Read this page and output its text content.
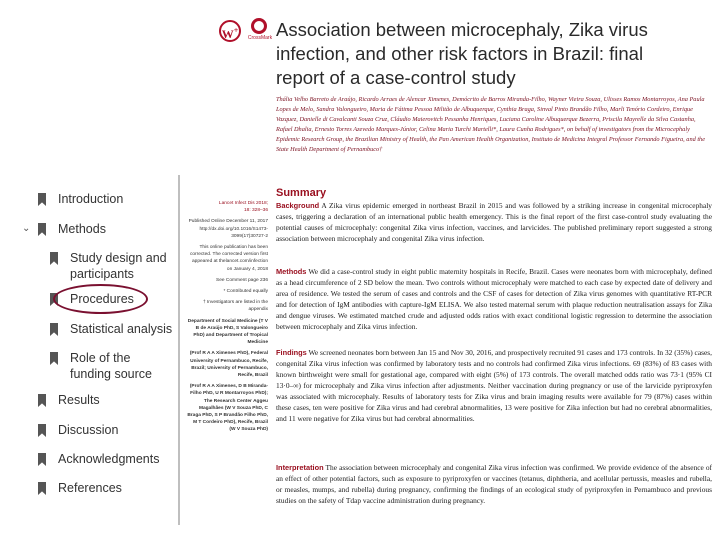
W+
CrossMark Association between microcephaly, Zika virus infection, and other risk factors in Brazil: final report of a case-control study
Thália Velho Barreto de Araújo, Ricardo Arraes de Alencar Ximenes, Demócrito de Barros Miranda-Filho, Wayner Vieira Souza, Ulisses Ramos Montarroyos, Ana Paula Lopes de Melo, Sandra Valongueiro, Maria de Fátima Pessoa Militão de Albuquerque, Cynthia Braga, Sinval Pinto Brandão Filho, Marli Tenório Cordeiro, Enrique Vazquez, Danielle di Cavalcanti Souza Cruz, Cláudio Maierovitch Pessanha Henriques, Luciana Caroline Albuquerque Bezerra, Priscila Mayrelle da Silva Castanha, Rafael Dhalia, Ernesto Torres Azevedo Marques-Júnior, Celina Maria Turchi Martelli*, Laura Cunha Rodrigues*, on behalf of investigators from the Microcephaly Epidemic Research Group, the Brazilian Ministry of Health, the Pan American Health Organization, Instituto de Medicina Integral Professor Fernando Figueira, and the State Health Department of Pernambuco†
⌄
Introduction
Methods
Study design and participants
Procedures
Statistical analysis
Role of the funding source
Results
Discussion
Acknowledgments
References

Lancet Infect Dis 2018;
18: 328–36

Published Online December 11, 2017 http://dx.doi.org/10.1016/S1473-3099(17)30727-2

This online publication has been corrected. The corrected version first appeared at thelancet.com/infection on January 4, 2018

See Comment page 236

* Contributed equally

† Investigators are listed in the appendix

Department of Social Medicine (T V B de Araújo PhD, S Valongueiro PhD) and Department of Tropical Medicine

(Prof R A A Ximenes PhD), Federal University of Pernambuco, Recife, Brazil; University of Pernambuco, Recife, Brazil

(Prof R A A Ximenes, D B Miranda-Filho PhD, U R Montarroyos PhD); The Research Center Aggeu Magalhães (W V Souza PhD, C Braga PhD, S P Brandão Filho PhD, M T Cordeiro PhD), Recife, Brazil (W V Souza PhD)

Summary

Background A Zika virus epidemic emerged in northeast Brazil in 2015 and was followed by a striking increase in congenital microcephaly cases, triggering a declaration of an international public health emergency. This is the final report of the first case-control study evaluating the potential causes of microcephaly: congenital Zika virus infection, vaccines, and larvicides. The published preliminary report suggested a strong association between microcephaly and congenital Zika virus infection.

Methods We did a case-control study in eight public maternity hospitals in Recife, Brazil. Cases were neonates born with microcephaly, defined as a head circumference of 2 SD below the mean. Two controls without microcephaly were matched to each case by expected date of delivery and area of residence. We tested the serum of cases and controls and the CSF of cases for detection of Zika virus genomes with quantitative RT-PCR and for detection of IgM antibodies with capture-IgM ELISA. We also tested maternal serum with plaque reduction neutralisation assays for Zika and dengue viruses. We estimated matched crude and adjusted odds ratios with exact conditional logistic regression to determine the association between microcephaly and Zika virus infection.

Findings We screened neonates born between Jan 15 and Nov 30, 2016, and prospectively recruited 91 cases and 173 controls. In 32 (35%) cases, congenital Zika virus infection was confirmed by laboratory tests and no controls had confirmed Zika virus infections. 69 (83%) of 83 cases with known birthweight were small for gestational age, compared with eight (5%) of 173 controls. The overall matched odds ratio was 73·1 (95% CI 13·0–∞) for microcephaly and Zika virus infection after adjustments. Neither vaccination during pregnancy or use of the larvicide pyriproxyfen was associated with microcephaly. Results of laboratory tests for Zika virus and brain imaging results were available for 79 (87%) cases within these cases, ten were positive for Zika virus and had cerebral abnormalities, 13 were positive for Zika infection but had no cerebral abnormalities, and 11 were negative for Zika virus but had cerebral abnormalities.

Interpretation The association between microcephaly and congenital Zika virus infection was confirmed. We provide evidence of the absence of an effect of other potential factors, such as exposure to pyriproxyfen or vaccines (tetanus, diphtheria, and acellular pertussis, measles and rubella, or measles, mumps, and rubella) during pregnancy, confirming the findings of an ecological study of pyriproxyfen in Pernambuco and previous studies on the safety of Tdap vaccine administration during pregnancy.
